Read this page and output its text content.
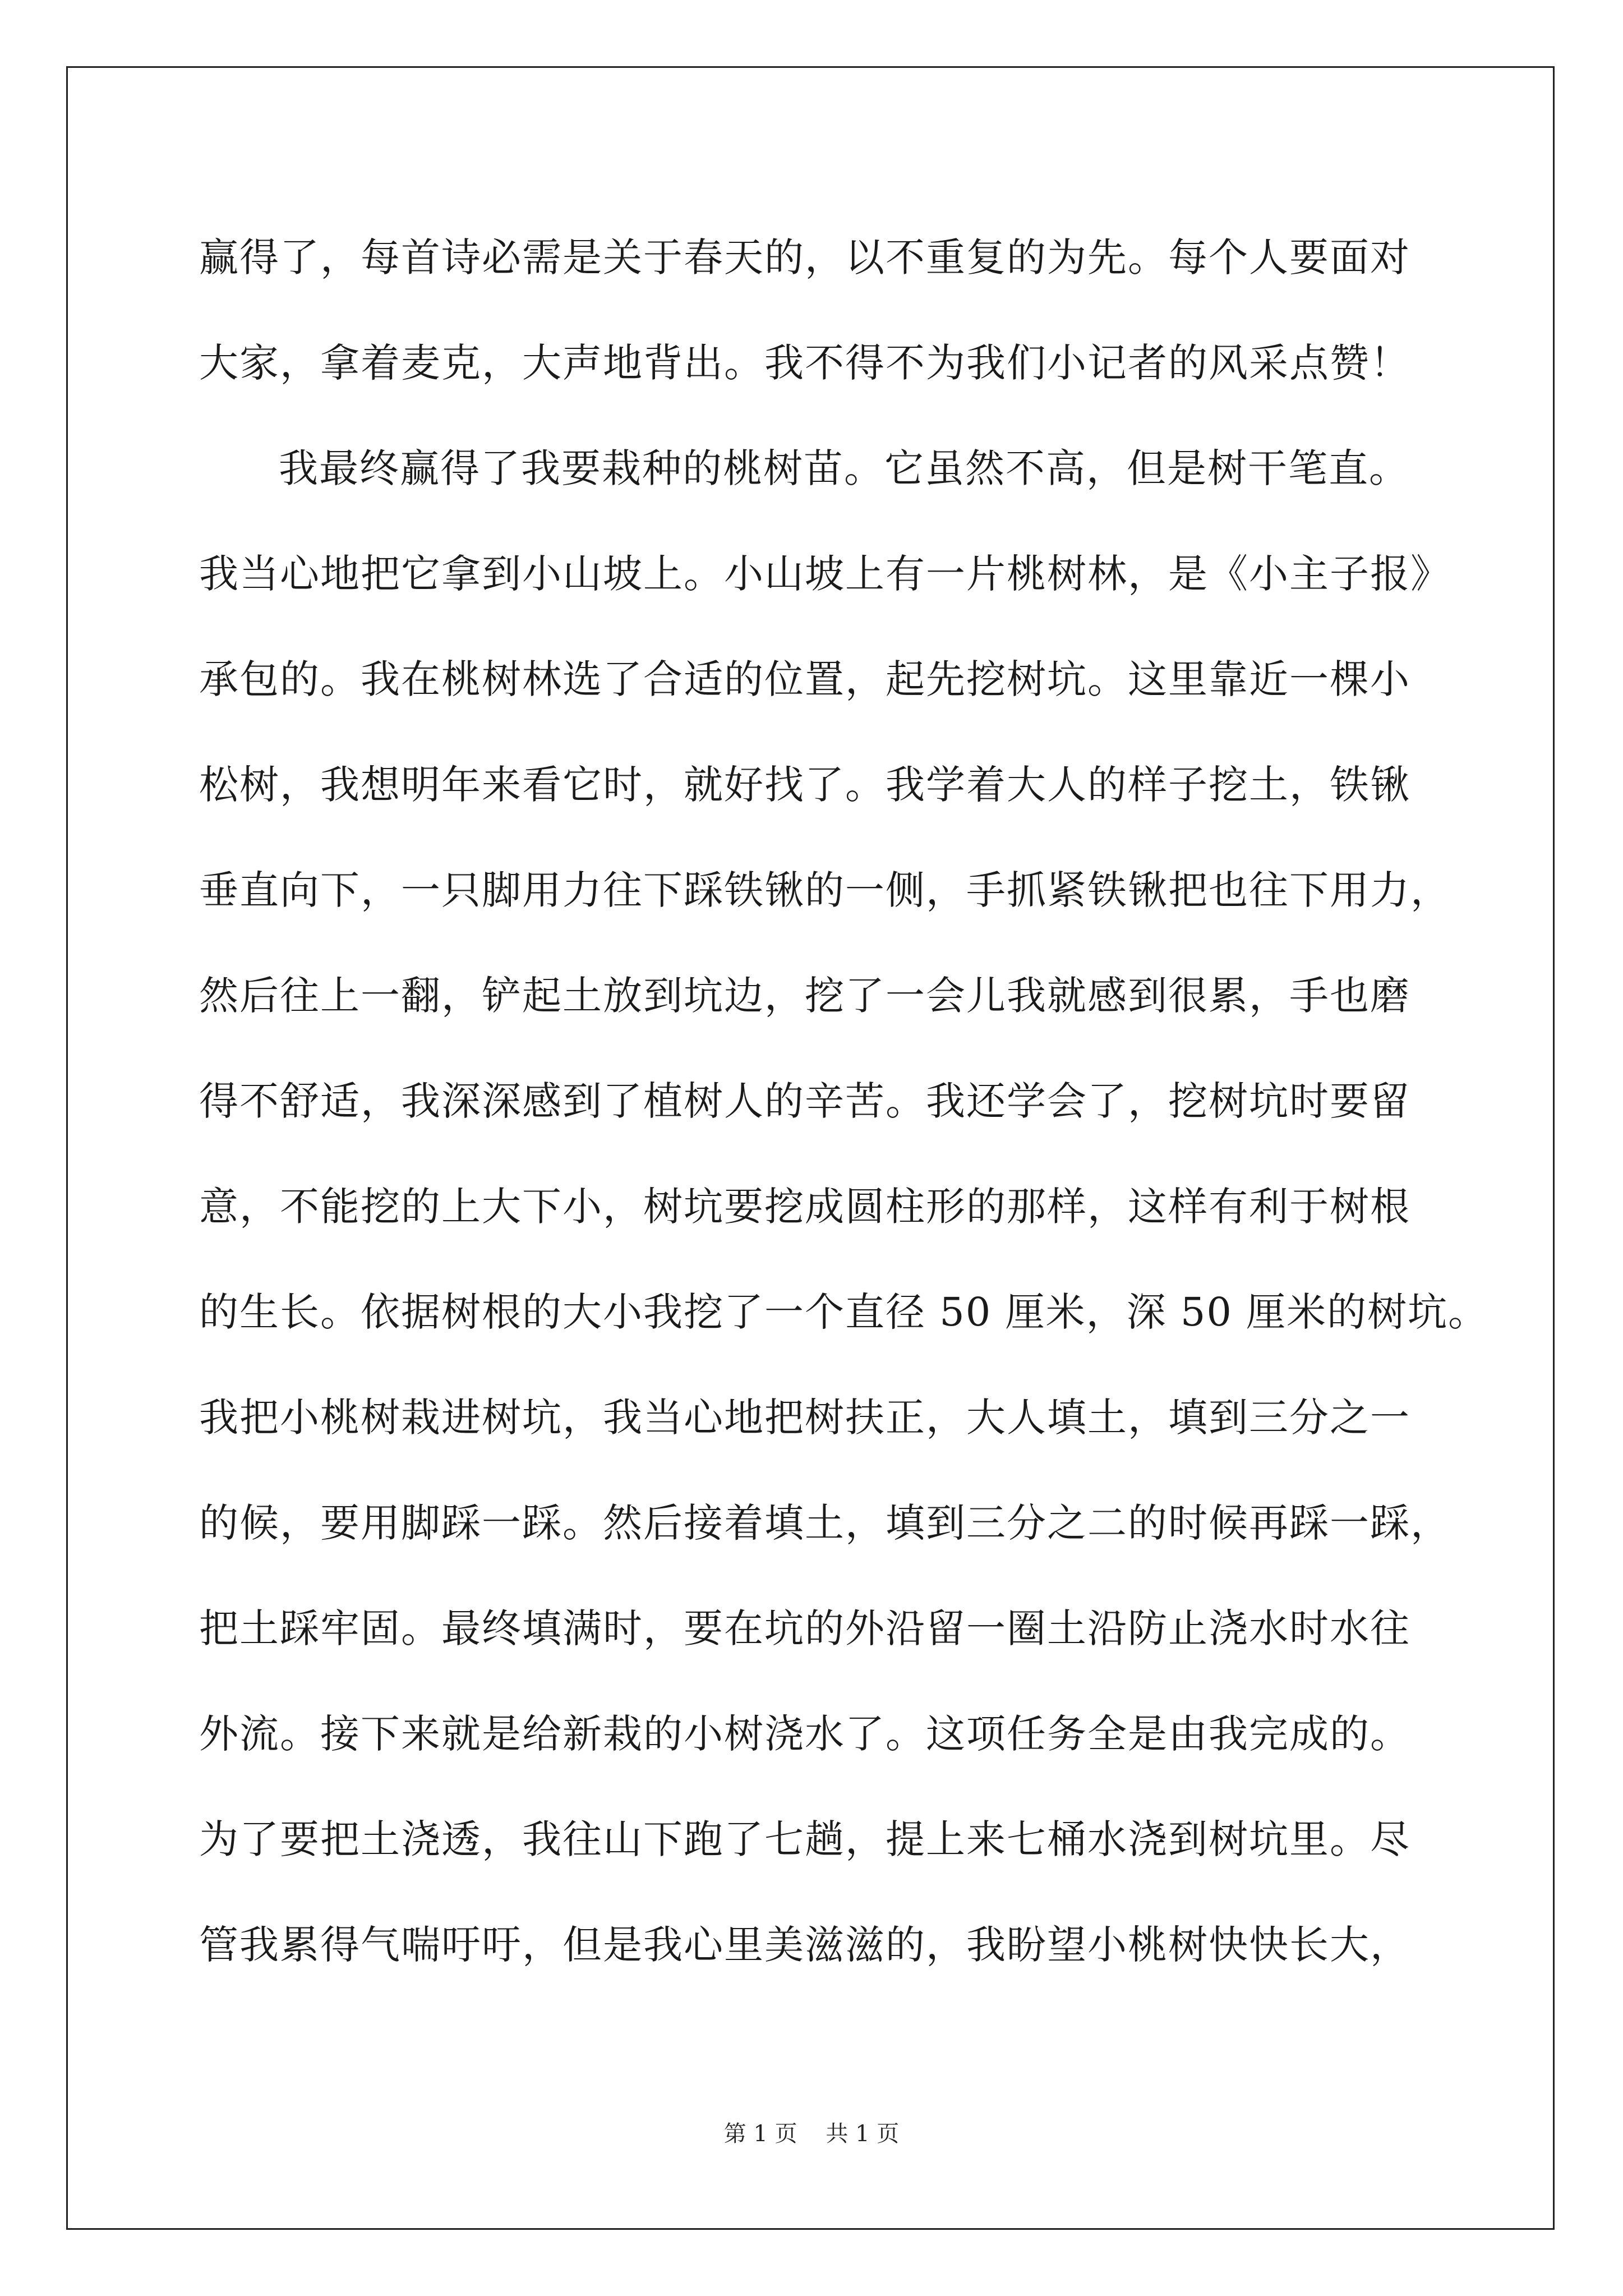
赢得了，每首诗必需是关于春天的，以不重复的为先。每个人要面对
大家，拿着麦克，大声地背出。我不得不为我们小记者的风采点赞！
我最终赢得了我要栽种的桃树苗。它虽然不高，但是树干笔直。
我当心地把它拿到小山坡上。小山坡上有一片桃树林，是《小主子报》
承包的。我在桃树林选了合适的位置，起先挖树坑。这里靠近一棵小
松树，我想明年来看它时，就好找了。我学着大人的样子挖土，铁锹
垂直向下，一只脚用力往下踩铁锹的一侧，手抓紧铁锹把也往下用力，
然后往上一翻，铲起土放到坑边，挖了一会儿我就感到很累，手也磨
得不舒适，我深深感到了植树人的辛苦。我还学会了，挖树坑时要留
意，不能挖的上大下小，树坑要挖成圆柱形的那样，这样有利于树根
的生长。依据树根的大小我挖了一个直径 50 厘米，深 50 厘米的树坑。
我把小桃树栽进树坑，我当心地把树扶正，大人填土，填到三分之一
的候，要用脚踩一踩。然后接着填土，填到三分之二的时候再踩一踩，
把土踩牢固。最终填满时，要在坑的外沿留一圈土沿防止浇水时水往
外流。接下来就是给新栽的小树浇水了。这项任务全是由我完成的。
为了要把土浇透，我往山下跑了七趟，提上来七桶水浇到树坑里。尽
管我累得气喘吁吁，但是我心里美滋滋的，我盼望小桃树快快长大，
第 1 页    共 1 页
